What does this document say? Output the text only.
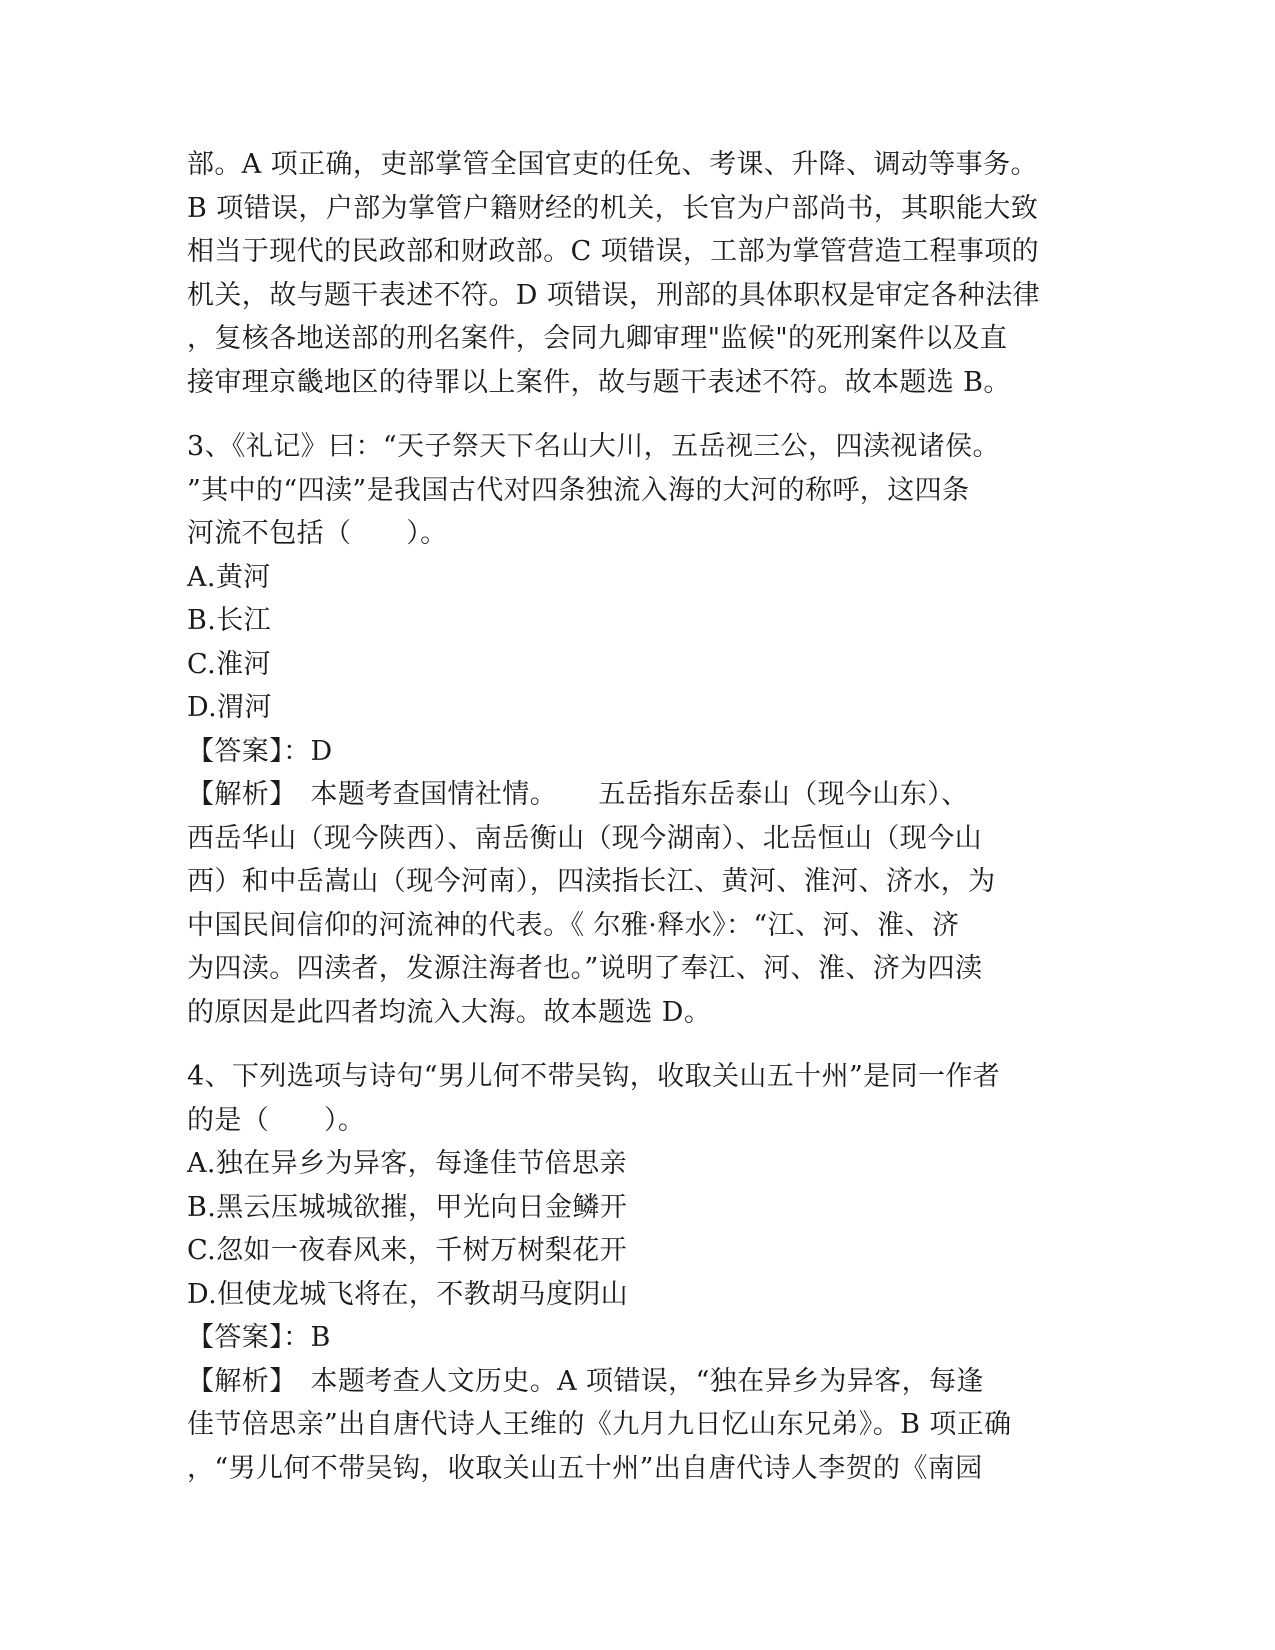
部。A 项正确，吏部掌管全国官吏的任免、考课、升降、调动等事务。
B 项错误，户部为掌管户籍财经的机关，长官为户部尚书，其职能大致
相当于现代的民政部和财政部。C 项错误，工部为掌管营造工程事项的
机关，故与题干表述不符。D 项错误，刑部的具体职权是审定各种法律
，复核各地送部的刑名案件，会同九卿审理"监候"的死刑案件以及直
接审理京畿地区的待罪以上案件，故与题干表述不符。故本题选 B。
3、《礼记》曰：“天子祭天下名山大川，五岳视三公，四渎视诸侯。
”其中的“四渎”是我国古代对四条独流入海的大河的称呼，这四条
河流不包括（　　）。
A.黄河
B.长江
C.淮河
D.渭河
【答案】：D
【解析】　本题考查国情社情。　　五岳指东岳泰山（现今山东）、
西岳华山（现今陕西）、南岳衡山（现今湖南）、北岳恒山（现今山
西）和中岳嵩山（现今河南），四渎指长江、黄河、淮河、济水，为
中国民间信仰的河流神的代表。《 尔雅·释水》：“江、河、淮、济
为四渎。四渎者，发源注海者也。”说明了奉江、河、淮、济为四渎
的原因是此四者均流入大海。故本题选 D。
4、下列选项与诗句“男儿何不带吴钩，收取关山五十州”是同一作者
的是（　　）。
A.独在异乡为异客，每逢佳节倍思亲
B.黑云压城城欲摧，甲光向日金鳞开
C.忽如一夜春风来，千树万树梨花开
D.但使龙城飞将在，不教胡马度阴山
【答案】：B
【解析】　本题考查人文历史。A 项错误，“独在异乡为异客，每逢
佳节倍思亲”出自唐代诗人王维的《九月九日忆山东兄弟》。B 项正确
，“男儿何不带吴钩，收取关山五十州”出自唐代诗人李贺的《南园
